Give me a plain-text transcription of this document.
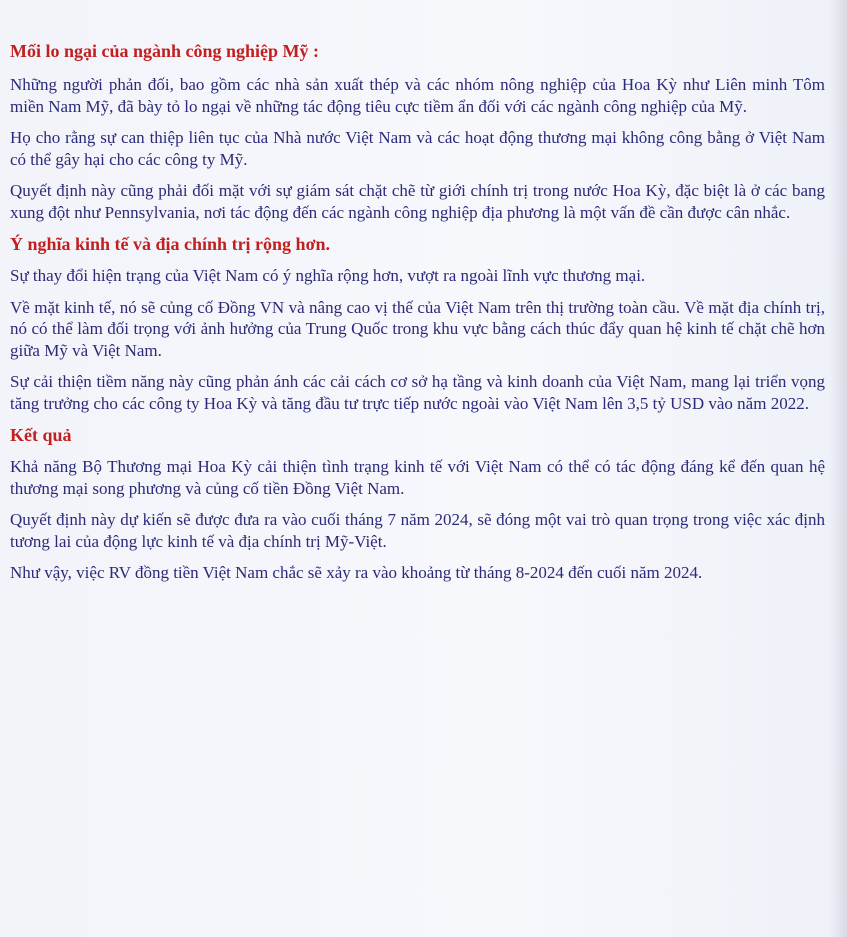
Mối lo ngại của ngành công nghiệp Mỹ :

Những người phản đối, bao gồm các nhà sản xuất thép và các nhóm nông nghiệp của Hoa Kỳ như Liên minh Tôm miền Nam Mỹ, đã bày tỏ lo ngại về những tác động tiêu cực tiềm ẩn đối với các ngành công nghiệp của Mỹ.

Họ cho rằng sự can thiệp liên tục của Nhà nước Việt Nam và các hoạt động thương mại không công bằng ở Việt Nam có thể gây hại cho các công ty Mỹ.

Quyết định này cũng phải đối mặt với sự giám sát chặt chẽ từ giới chính trị trong nước Hoa Kỳ, đặc biệt là ở các bang xung đột như Pennsylvania, nơi tác động đến các ngành công nghiệp địa phương là một vấn đề cần được cân nhắc.

Ý nghĩa kinh tế và địa chính trị rộng hơn.

Sự thay đổi hiện trạng của Việt Nam có ý nghĩa rộng hơn, vượt ra ngoài lĩnh vực thương mại.

Về mặt kinh tế, nó sẽ củng cố Đồng VN và nâng cao vị thế của Việt Nam trên thị trường toàn cầu. Về mặt địa chính trị, nó có thể làm đối trọng với ảnh hưởng của Trung Quốc trong khu vực bằng cách thúc đẩy quan hệ kinh tế chặt chẽ hơn giữa Mỹ và Việt Nam.

Sự cải thiện tiềm năng này cũng phản ánh các cải cách cơ sở hạ tầng và kinh doanh của Việt Nam, mang lại triển vọng tăng trưởng cho các công ty Hoa Kỳ và tăng đầu tư trực tiếp nước ngoài vào Việt Nam lên 3,5 tỷ USD vào năm 2022.

Kết quả

Khả năng Bộ Thương mại Hoa Kỳ cải thiện tình trạng kinh tế với Việt Nam có thể có tác động đáng kể đến quan hệ thương mại song phương và củng cố tiền Đồng Việt Nam.

Quyết định này dự kiến sẽ được đưa ra vào cuối tháng 7 năm 2024, sẽ đóng một vai trò quan trọng trong việc xác định tương lai của động lực kinh tế và địa chính trị Mỹ-Việt.

Như vậy, việc RV đồng tiền Việt Nam chắc sẽ xảy ra vào khoảng từ tháng 8-2024 đến cuối năm 2024.
